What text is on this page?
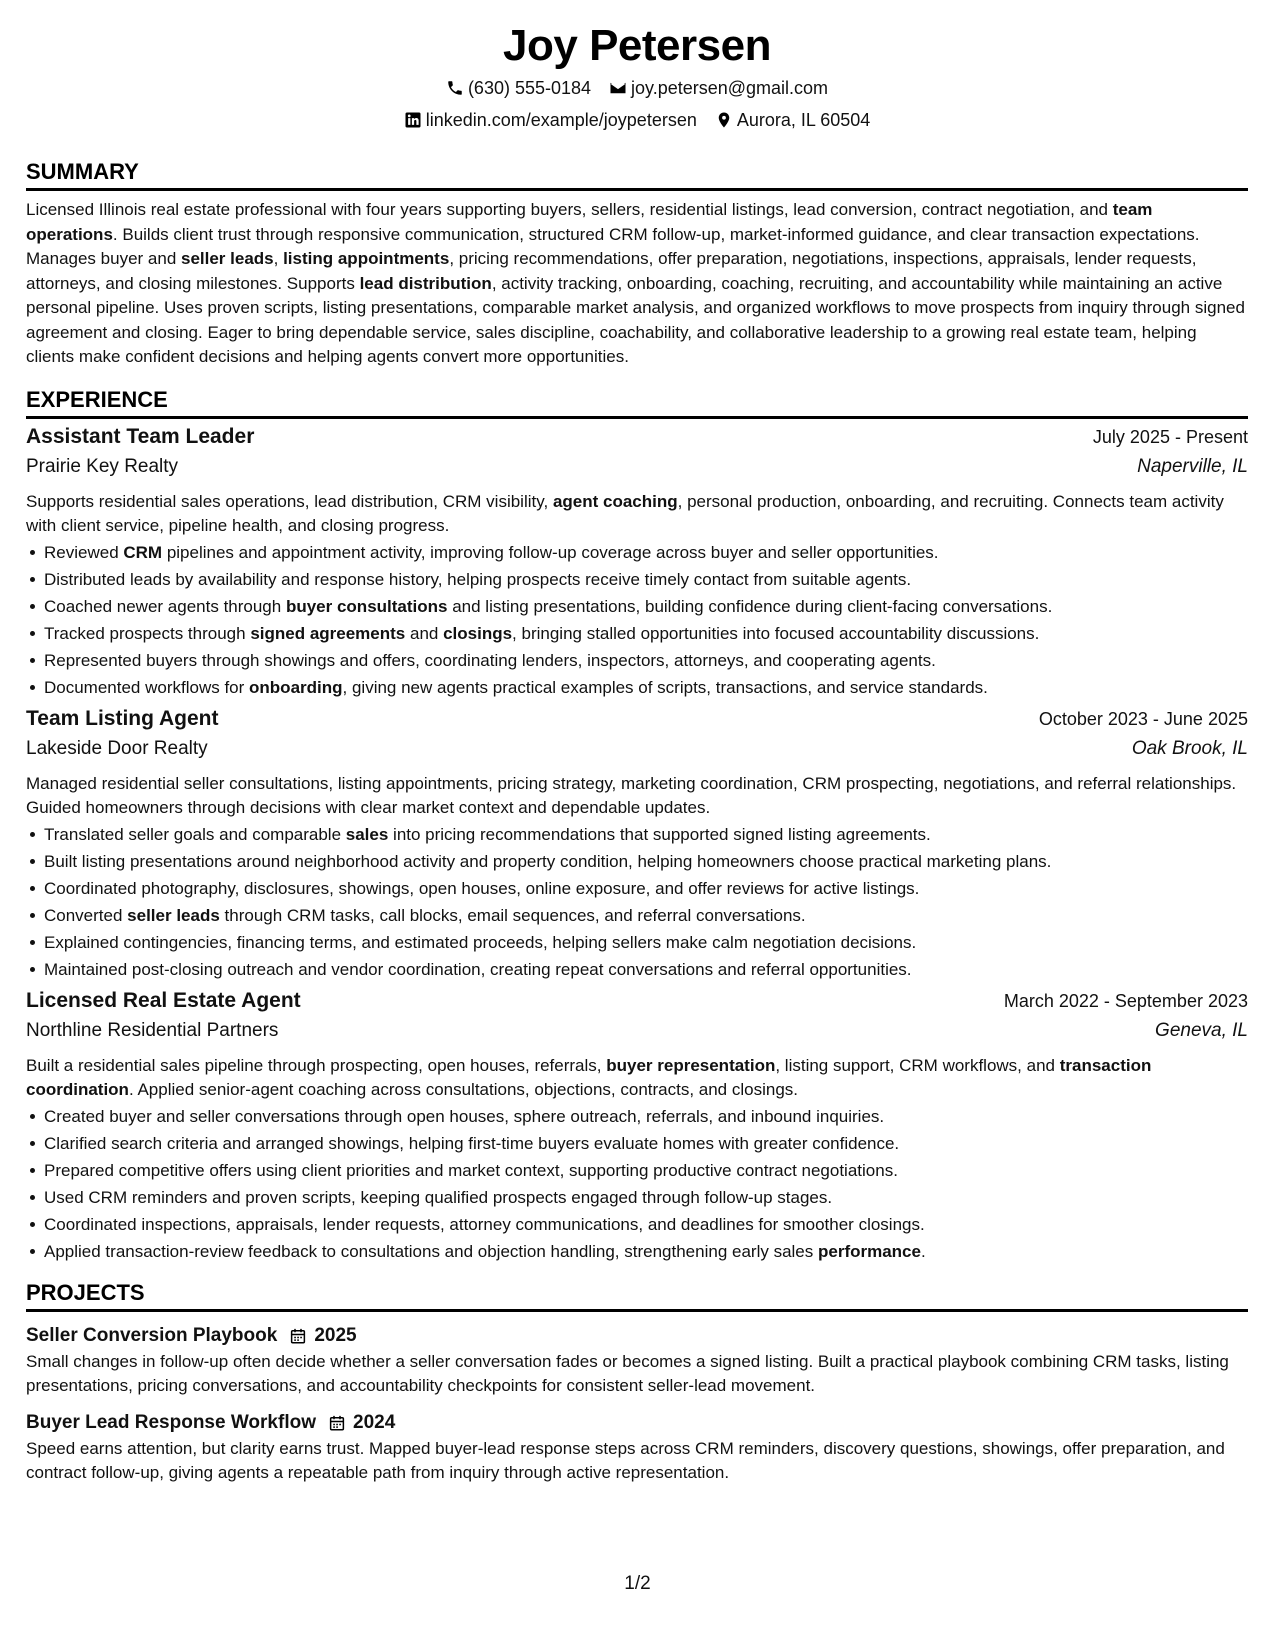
Joy Petersen
(630) 555-0184 joy.petersen@gmail.com
linkedin.com/example/joypetersen Aurora, IL 60504
SUMMARY

Licensed Illinois real estate professional with four years supporting buyers, sellers, residential listings, lead conversion, contract negotiation, and team operations. Builds client trust through responsive communication, structured CRM follow-up, market-informed guidance, and clear transaction expectations. Manages buyer and seller leads, listing appointments, pricing recommendations, offer preparation, negotiations, inspections, appraisals, lender requests, attorneys, and closing milestones. Supports lead distribution, activity tracking, onboarding, coaching, recruiting, and accountability while maintaining an active personal pipeline. Uses proven scripts, listing presentations, comparable market analysis, and organized workflows to move prospects from inquiry through signed agreement and closing. Eager to bring dependable service, sales discipline, coachability, and collaborative leadership to a growing real estate team, helping clients make confident decisions and helping agents convert more opportunities.

EXPERIENCE
Assistant Team Leader	July 2025 - Present
Prairie Key Realty	Naperville, IL

Supports residential sales operations, lead distribution, CRM visibility, agent coaching, personal production, onboarding, and recruiting. Connects team activity with client service, pipeline health, and closing progress.

Reviewed CRM pipelines and appointment activity, improving follow-up coverage across buyer and seller opportunities.
Distributed leads by availability and response history, helping prospects receive timely contact from suitable agents.
Coached newer agents through buyer consultations and listing presentations, building confidence during client-facing conversations.
Tracked prospects through signed agreements and closings, bringing stalled opportunities into focused accountability discussions.
Represented buyers through showings and offers, coordinating lenders, inspectors, attorneys, and cooperating agents.
Documented workflows for onboarding, giving new agents practical examples of scripts, transactions, and service standards.
Team Listing Agent	October 2023 - June 2025
Lakeside Door Realty	Oak Brook, IL

Managed residential seller consultations, listing appointments, pricing strategy, marketing coordination, CRM prospecting, negotiations, and referral relationships. Guided homeowners through decisions with clear market context and dependable updates.

Translated seller goals and comparable sales into pricing recommendations that supported signed listing agreements.
Built listing presentations around neighborhood activity and property condition, helping homeowners choose practical marketing plans.
Coordinated photography, disclosures, showings, open houses, online exposure, and offer reviews for active listings.
Converted seller leads through CRM tasks, call blocks, email sequences, and referral conversations.
Explained contingencies, financing terms, and estimated proceeds, helping sellers make calm negotiation decisions.
Maintained post-closing outreach and vendor coordination, creating repeat conversations and referral opportunities.
Licensed Real Estate Agent	March 2022 - September 2023
Northline Residential Partners	Geneva, IL

Built a residential sales pipeline through prospecting, open houses, referrals, buyer representation, listing support, CRM workflows, and transaction coordination. Applied senior-agent coaching across consultations, objections, contracts, and closings.

Created buyer and seller conversations through open houses, sphere outreach, referrals, and inbound inquiries.
Clarified search criteria and arranged showings, helping first-time buyers evaluate homes with greater confidence.
Prepared competitive offers using client priorities and market context, supporting productive contract negotiations.
Used CRM reminders and proven scripts, keeping qualified prospects engaged through follow-up stages.
Coordinated inspections, appraisals, lender requests, attorney communications, and deadlines for smoother closings.
Applied transaction-review feedback to consultations and objection handling, strengthening early sales performance.
PROJECTS
Seller Conversion Playbook 2025

Small changes in follow-up often decide whether a seller conversation fades or becomes a signed listing. Built a practical playbook combining CRM tasks, listing presentations, pricing conversations, and accountability checkpoints for consistent seller-lead movement.

Buyer Lead Response Workflow 2024

Speed earns attention, but clarity earns trust. Mapped buyer-lead response steps across CRM reminders, discovery questions, showings, offer preparation, and contract follow-up, giving agents a repeatable path from inquiry through active representation.

1/2
